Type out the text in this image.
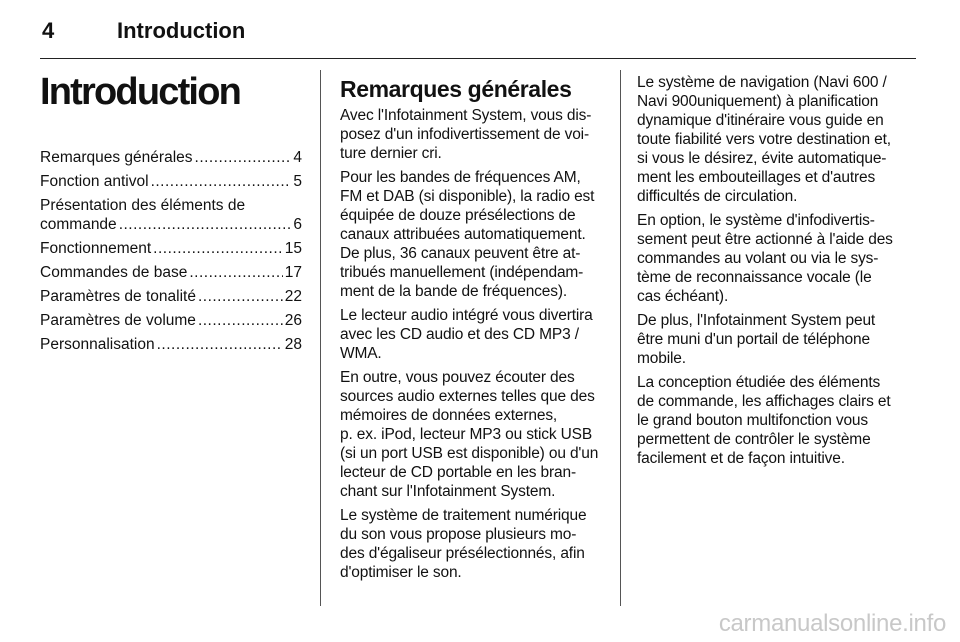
4	Introduction
Introduction
Remarques générales .....	4
Fonction antivol .....	5
Présentation des éléments de
commande .....	6
Fonctionnement .....	15
Commandes de base .....	17
Paramètres de tonalité .....	22
Paramètres de volume .....	26
Personnalisation .....	28
Remarques générales

Avec l'Infotainment System, vous dis-
posez d'un infodivertissement de voi-
ture dernier cri.

Pour les bandes de fréquences AM,
FM et DAB (si disponible), la radio est
équipée de douze présélections de
canaux attribuées automatiquement.
De plus, 36 canaux peuvent être at-
tribués manuellement (indépendam-
ment de la bande de fréquences).

Le lecteur audio intégré vous divertira
avec les CD audio et des CD MP3 /
WMA.

En outre, vous pouvez écouter des
sources audio externes telles que des
mémoires de données externes,
p. ex. iPod, lecteur MP3 ou stick USB
(si un port USB est disponible) ou d'un
lecteur de CD portable en les bran-
chant sur l'Infotainment System.

Le système de traitement numérique
du son vous propose plusieurs mo-
des d'égaliseur présélectionnés, afin
d'optimiser le son.

Le système de navigation (Navi 600 /
Navi 900uniquement) à planification
dynamique d'itinéraire vous guide en
toute fiabilité vers votre destination et,
si vous le désirez, évite automatique-
ment les embouteillages et d'autres
difficultés de circulation.

En option, le système d'infodivertis-
sement peut être actionné à l'aide des
commandes au volant ou via le sys-
tème de reconnaissance vocale (le
cas échéant).

De plus, l'Infotainment System peut
être muni d'un portail de téléphone
mobile.

La conception étudiée des éléments
de commande, les affichages clairs et
le grand bouton multifonction vous
permettent de contrôler le système
facilement et de façon intuitive.

carmanualsonline.info
